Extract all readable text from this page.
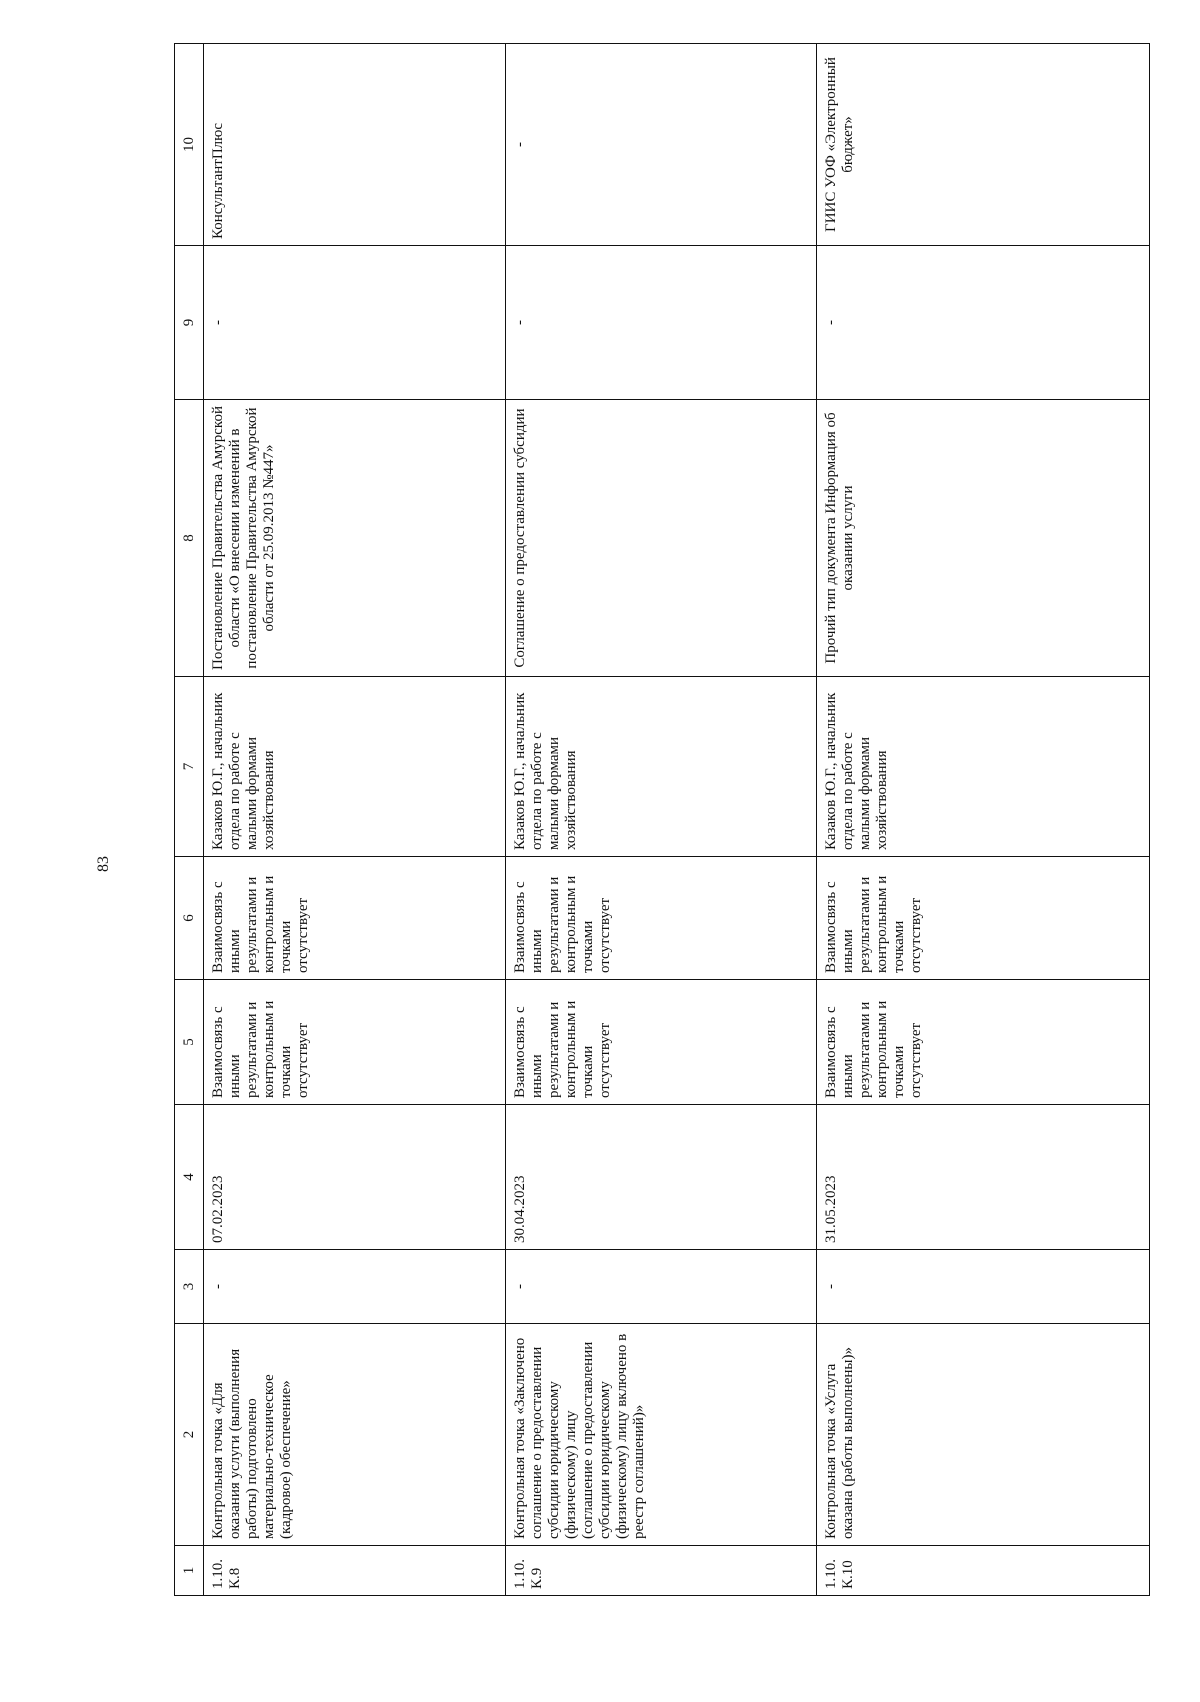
83
1	2	3	4	5	6	7	8	9	10
1.10. К.8	Контрольная точка «Для оказания услуги (выполнения работы) подготовлено материально-техническое (кадровое) обеспечение»	-	07.02.2023	Взаимосвязь с иными результатами и контрольным и точками отсутствует	Взаимосвязь с иными результатами и контрольным и точками отсутствует	Казаков Ю.Г., начальник отдела по работе с малыми формами хозяйствования	Постановление Правительства Амурской области «О внесении изменений в постановление Правительства Амурской области от 25.09.2013 №447»	-	КонсультантПлюс
1.10. К.9	Контрольная точка «Заключено соглашение о предоставлении субсидии юридическому (физическому) лицу (соглашение о предоставлении субсидии юридическому (физическому) лицу включено в реестр соглашений)»	-	30.04.2023	Взаимосвязь с иными результатами и контрольным и точками отсутствует	Взаимосвязь с иными результатами и контрольным и точками отсутствует	Казаков Ю.Г., начальник отдела по работе с малыми формами хозяйствования	Соглашение о предоставлении субсидии	-	-
1.10. К.10	Контрольная точка «Услуга оказана (работы выполнены)»	-	31.05.2023	Взаимосвязь с иными результатами и контрольным и точками отсутствует	Взаимосвязь с иными результатами и контрольным и точками отсутствует	Казаков Ю.Г., начальник отдела по работе с малыми формами хозяйствования	Прочий тип документа Информация об оказании услуги	-	ГИИС УОФ «Электронный бюджет»
